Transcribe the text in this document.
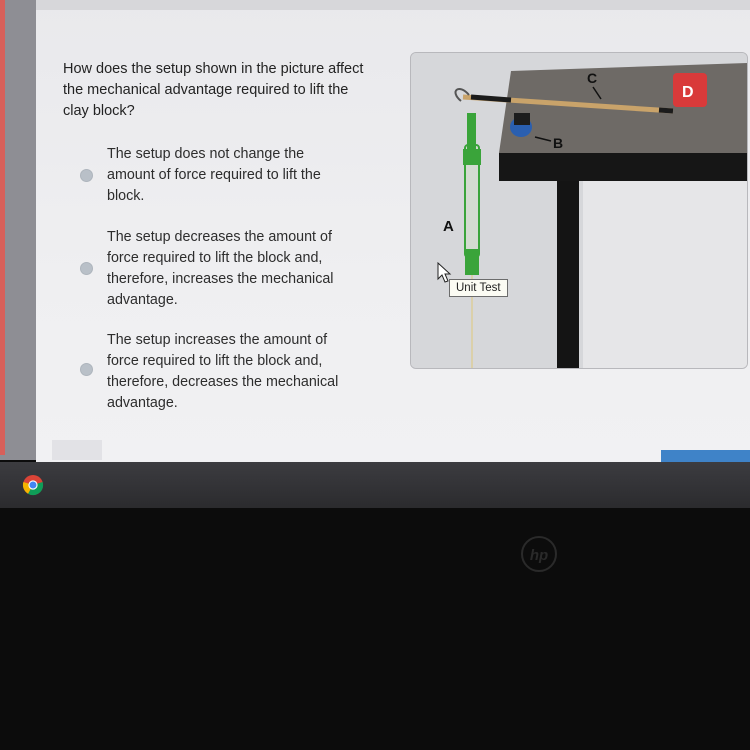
How does the setup shown in the picture affect
the mechanical advantage required to lift the
clay block?
The setup does not change the
amount of force required to lift the
block.
The setup decreases the amount of
force required to lift the block and,
therefore, increases the mechanical
advantage.
The setup increases the amount of
force required to lift the block and,
therefore, decreases the mechanical
advantage.
A
B
C
D
Unit Test
hp
